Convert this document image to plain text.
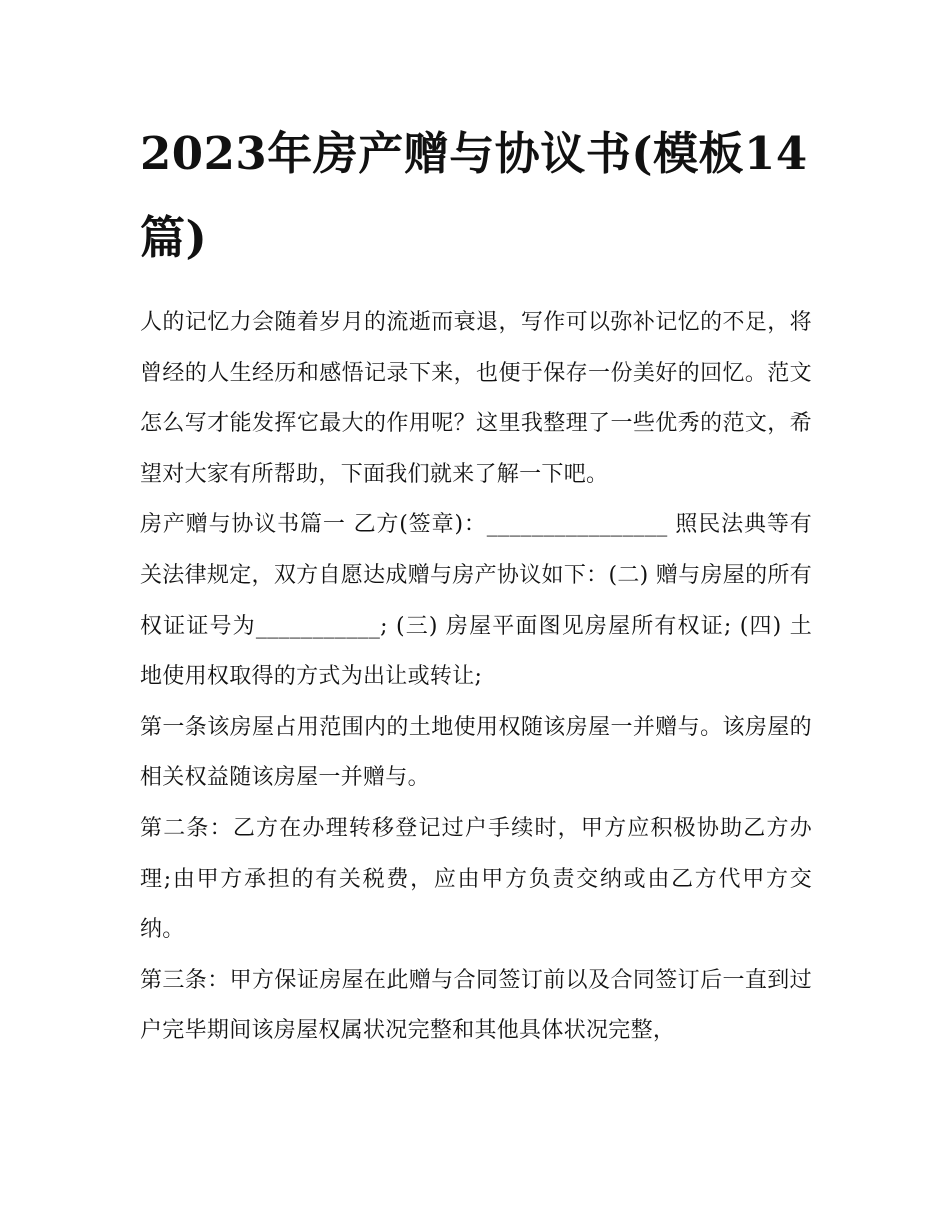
2023年房产赠与协议书(模板14篇)

人的记忆力会随着岁月的流逝而衰退，写作可以弥补记忆的不足，将曾经的人生经历和感悟记录下来，也便于保存一份美好的回忆。范文怎么写才能发挥它最大的作用呢？这里我整理了一些优秀的范文，希望对大家有所帮助，下面我们就来了解一下吧。

房产赠与协议书篇一 乙方(签章)：________________ 照民法典等有关法律规定，双方自愿达成赠与房产协议如下：(二) 赠与房屋的所有权证证号为___________; (三) 房屋平面图见房屋所有权证; (四) 土地使用权取得的方式为出让或转让;

第一条该房屋占用范围内的土地使用权随该房屋一并赠与。该房屋的相关权益随该房屋一并赠与。

第二条：乙方在办理转移登记过户手续时，甲方应积极协助乙方办理;由甲方承担的有关税费，应由甲方负责交纳或由乙方代甲方交纳。

第三条：甲方保证房屋在此赠与合同签订前以及合同签订后一直到过户完毕期间该房屋权属状况完整和其他具体状况完整，
